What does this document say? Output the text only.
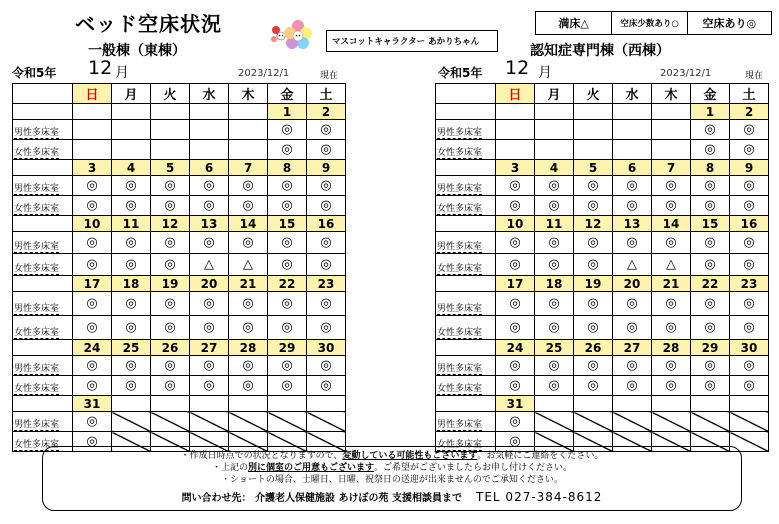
ベッド空床状況
一般棟（東棟）	認知症専門棟（西棟）
マスコットキャラクター あかりちゃん
満床△	空床少数あり○	空床あり◎
令和5年 12 月	2023/12/1	現在	令和5年 12 月	2023/12/1	現在
	日	月	火	水	木	金	土
						1	2
男性多床室						◎	◎
女性多床室						◎	◎
	3	4	5	6	7	8	9
男性多床室	◎	◎	◎	◎	◎	◎	◎
女性多床室	◎	◎	◎	◎	◎	◎	◎
	10	11	12	13	14	15	16
男性多床室	◎	◎	◎	◎	◎	◎	◎
女性多床室	◎	◎	◎	△	△	◎	◎
	17	18	19	20	21	22	23
男性多床室	◎	◎	◎	◎	◎	◎	◎
女性多床室	◎	◎	◎	◎	◎	◎	◎
	24	25	26	27	28	29	30
男性多床室	◎	◎	◎	◎	◎	◎	◎
女性多床室	◎	◎	◎	◎	◎	◎	◎
	31						
男性多床室	◎						
女性多床室	◎						
	日	月	火	水	木	金	土
						1	2
男性多床室						◎	◎
女性多床室						◎	◎
	3	4	5	6	7	8	9
男性多床室	◎	◎	◎	◎	◎	◎	◎
女性多床室	◎	◎	◎	◎	◎	◎	◎
	10	11	12	13	14	15	16
男性多床室	◎	◎	◎	◎	◎	◎	◎
女性多床室	◎	◎	◎	△	△	◎	◎
	17	18	19	20	21	22	23
男性多床室	◎	◎	◎	◎	◎	◎	◎
女性多床室	◎	◎	◎	◎	◎	◎	◎
	24	25	26	27	28	29	30
男性多床室	◎	◎	◎	◎	◎	◎	◎
女性多床室	◎	◎	◎	◎	◎	◎	◎
	31						
男性多床室	◎						
女性多床室	◎						
・作成日時点での状況となりますので、変動している可能性もございます。お気軽にご連絡をください。
・上記の別に個室のご用意もございます。ご希望がございましたらお申し付けください。
・ショートの場合、土曜日、日曜、祝祭日の送迎が出来ませんのでご承知ください。
問い合わせ先： 介護老人保健施設 あけぼの苑 支援相談員まで TEL 027-384-8612
